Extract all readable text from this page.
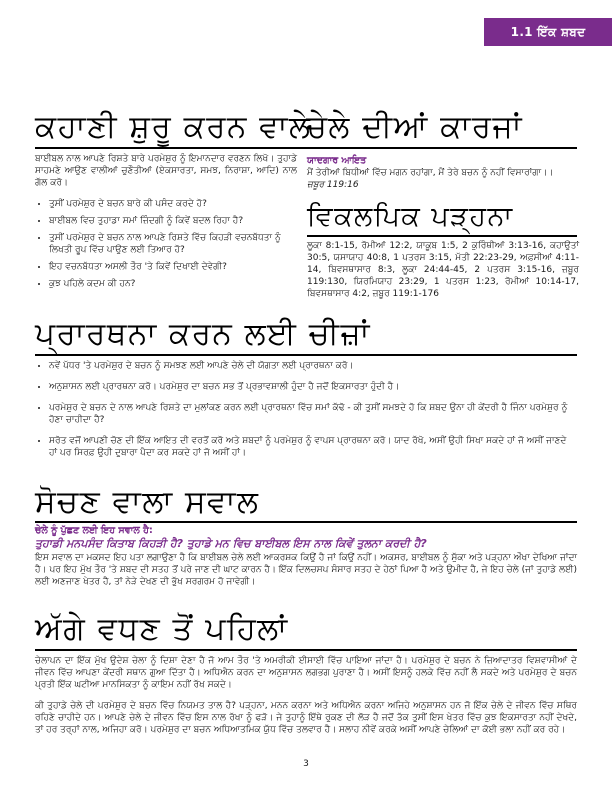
1.1 ਇੱਕ ਸ਼ਬਦ
ਕਹਾਣੀ ਸ਼ੁਰੂ ਕਰਨ ਵਾਲੇ
ਚੇਲੇ ਦੀਆਂ ਕਾਰਜਾਂ

ਬਾਈਬਲ ਨਾਲ ਆਪਣੇ ਰਿਸ਼ਤੇ ਬਾਰੇ ਪਰਮੇਸ਼ੁਰ ਨੂੰ ਇਮਾਨਦਾਰ ਵਰਣਨ ਲਿਖੋ। ਤੁਹਾਡੇ ਸਾਹਮਣੇ ਆਉਣ ਵਾਲੀਆਂ ਚੁਣੌਤੀਆਂ (ਏਕਸਾਰਤਾ, ਸਮਝ, ਨਿਰਾਸ਼ਾ, ਆਦਿ) ਨਾਲ ਗੱਲ ਕਰੋ।

• ਤੁਸੀਂ ਪਰਮੇਸ਼ੁਰ ਦੇ ਬਚਨ ਬਾਰੇ ਕੀ ਪਸੰਦ ਕਰਦੇ ਹੋ?
• ਬਾਈਬਲ ਵਿਚ ਤੁਹਾਡਾ ਸਮਾਂ ਜ਼ਿੰਦਗੀ ਨੂੰ ਕਿਵੇਂ ਬਦਲ ਰਿਹਾ ਹੈ?
• ਤੁਸੀਂ ਪਰਮੇਸ਼ੁਰ ਦੇ ਬਚਨ ਨਾਲ ਆਪਣੇ ਰਿਸ਼ਤੇ ਵਿੱਚ ਕਿਹੜੀ ਵਚਨਬੱਧਤਾ ਨੂੰ ਲਿਖਤੀ ਰੂਪ ਵਿੱਚ ਪਾਉਣ ਲਈ ਤਿਆਰ ਹੋ?
• ਇਹ ਵਚਨਬੱਧਤਾ ਅਸਲੀ ਤੌਰ 'ਤੇ ਕਿਵੇਂ ਦਿਖਾਈ ਦੇਵੇਗੀ?
• ਕੁਝ ਪਹਿਲੇ ਕਦਮ ਕੀ ਹਨ?
ਯਾਦਗਾਰ ਆਇਤ
ਮੈਂ ਤੇਰੀਆਂ ਬਿਧੀਆਂ ਵਿੱਚ ਮਗਨ ਰਹਾਂਗਾ, ਮੈਂ ਤੇਰੇ ਬਚਨ ਨੂੰ ਨਹੀਂ ਵਿਸਾਰਾਂਗਾ।।
ਜ਼ਬੂਰ 119:16
ਵਿਕਲਪਿਕ ਪੜ੍ਹਨਾ
ਲੂਕਾ 8:1-15, ਰੋਮੀਆਂ 12:2, ਯਾਕੂਬ 1:5, 2 ਕੁਰਿੰਥੀਆਂ 3:13-16, ਕਹਾਉਤਾਂ 30:5, ਯਸਾਯਾਹ 40:8, 1 ਪਤਰਸ 3:15, ਮੱਤੀ 22:23-29, ਅਫ਼ਸੀਆਂ 4:11-14, ਬਿਵਸਥਾਸਾਰ 8:3, ਲੂਕਾ 24:44-45, 2 ਪਤਰਸ 3:15-16, ਜ਼ਬੂਰ 119:130, ਯਿਰਮਿਯਾਹ 23:29, 1 ਪਤਰਸ 1:23, ਰੋਮੀਆਂ 10:14-17, ਬਿਵਸਥਾਸਾਰ 4:2, ਜ਼ਬੂਰ 119:1-176
ਪ੍ਰਾਰਥਨਾ ਕਰਨ ਲਈ ਚੀਜ਼ਾਂ
• ਨਵੇਂ ਪੱਧਰ 'ਤੇ ਪਰਮੇਸ਼ੁਰ ਦੇ ਬਚਨ ਨੂੰ ਸਮਝਣ ਲਈ ਆਪਣੇ ਚੇਲੇ ਦੀ ਯੋਗਤਾ ਲਈ ਪ੍ਰਾਰਥਨਾ ਕਰੋ।
• ਅਨੁਸ਼ਾਸਨ ਲਈ ਪ੍ਰਾਰਥਨਾ ਕਰੋ। ਪਰਮੇਸ਼ੁਰ ਦਾ ਬਚਨ ਸਭ ਤੋਂ ਪ੍ਰਭਾਵਸ਼ਾਲੀ ਹੁੰਦਾ ਹੈ ਜਦੋਂ ਇਕਸਾਰਤਾ ਹੁੰਦੀ ਹੈ।
• ਪਰਮੇਸ਼ੁਰ ਦੇ ਬਚਨ ਦੇ ਨਾਲ ਆਪਣੇ ਰਿਸ਼ਤੇ ਦਾ ਮੁਲਾਂਕਣ ਕਰਨ ਲਈ ਪ੍ਰਾਰਥਨਾ ਵਿੱਚ ਸਮਾਂ ਕੱਢੋ - ਕੀ ਤੁਸੀਂ ਸਮਝਦੇ ਹੋ ਕਿ ਸ਼ਬਦ ਉਨਾ ਹੀ ਕੇਂਦਰੀ ਹੈ ਜਿੰਨਾ ਪਰਮੇਸ਼ੁਰ ਨੂੰ ਹੋਣਾ ਚਾਹੀਦਾ ਹੈ?
• ਸਰੋਤ ਵਜੋਂ ਆਪਣੀ ਚੋਣ ਦੀ ਇੱਕ ਆਇਤ ਦੀ ਵਰਤੋਂ ਕਰੋ ਅਤੇ ਸ਼ਬਦਾਂ ਨੂੰ ਪਰਮੇਸ਼ੁਰ ਨੂੰ ਵਾਪਸ ਪ੍ਰਾਰਥਨਾ ਕਰੋ। ਯਾਦ ਰੱਖੋ, ਅਸੀਂ ਉਹੀ ਸਿਖਾ ਸਕਦੇ ਹਾਂ ਜੋ ਅਸੀਂ ਜਾਣਦੇ ਹਾਂ ਪਰ ਸਿਰਫ਼ ਉਹੀ ਦੁਬਾਰਾ ਪੈਦਾ ਕਰ ਸਕਦੇ ਹਾਂ ਜੋ ਅਸੀਂ ਹਾਂ।
ਸੋਚਣ ਵਾਲਾ ਸਵਾਲ
ਚੇਲੇ ਨੂੰ ਪੁੱਛਣ ਲਈ ਇਹ ਸਵਾਲ ਹੈ:
ਤੁਹਾਡੀ ਮਨਪਸੰਦ ਕਿਤਾਬ ਕਿਹੜੀ ਹੈ? ਤੁਹਾਡੇ ਮਨ ਵਿਚ ਬਾਈਬਲ ਇਸ ਨਾਲ ਕਿਵੇਂ ਤੁਲਨਾ ਕਰਦੀ ਹੈ?
ਇਸ ਸਵਾਲ ਦਾ ਮਕਸਦ ਇਹ ਪਤਾ ਲਗਾਉਣਾ ਹੈ ਕਿ ਬਾਈਬਲ ਚੇਲੇ ਲਈ ਆਕਰਸ਼ਕ ਕਿਉਂ ਹੈ ਜਾਂ ਕਿਉਂ ਨਹੀਂ। ਅਕਸਰ, ਬਾਈਬਲ ਨੂੰ ਸੁੱਕਾ ਅਤੇ ਪੜ੍ਹਨਾ ਔਖਾ ਦੇਖਿਆ ਜਾਂਦਾ ਹੈ। ਪਰ ਇਹ ਮੁੱਖ ਤੌਰ 'ਤੇ ਸ਼ਬਦ ਦੀ ਸਤਹ ਤੋਂ ਪਰੇ ਜਾਣ ਦੀ ਘਾਟ ਕਾਰਨ ਹੈ। ਇੱਕ ਦਿਲਚਸਪ ਸੰਸਾਰ ਸਤਹ ਦੇ ਹੇਠਾਂ ਪਿਆ ਹੈ ਅਤੇ ਉਮੀਦ ਹੈ, ਜੇ ਇਹ ਚੇਲੇ (ਜਾਂ ਤੁਹਾਡੇ ਲਈ) ਲਈ ਅਣਜਾਣ ਖੇਤਰ ਹੈ, ਤਾਂ ਨੇੜੇ ਦੇਖਣ ਦੀ ਭੁੱਖ ਸਰਗਰਮ ਹੋ ਜਾਵੇਗੀ।
ਅੱਗੇ ਵਧਣ ਤੋਂ ਪਹਿਲਾਂ

ਚੇਲਾਪਨ ਦਾ ਇੱਕ ਮੁੱਖ ਉਦੇਸ਼ ਚੇਲਾ ਨੂੰ ਦਿਸ਼ਾ ਦੇਣਾ ਹੈ ਜੋ ਆਮ ਤੌਰ 'ਤੇ ਅਮਰੀਕੀ ਈਸਾਈ ਵਿੱਚ ਪਾਇਆ ਜਾਂਦਾ ਹੈ। ਪਰਮੇਸ਼ੁਰ ਦੇ ਬਚਨ ਨੇ ਜ਼ਿਆਦਾਤਰ ਵਿਸ਼ਵਾਸੀਆਂ ਦੇ ਜੀਵਨ ਵਿੱਚ ਆਪਣਾ ਕੇਂਦਰੀ ਸਥਾਨ ਗੁਆ ਦਿੱਤਾ ਹੈ। ਅਧਿਐਨ ਕਰਨ ਦਾ ਅਨੁਸ਼ਾਸਨ ਲਗਭਗ ਪੁਰਾਣਾ ਹੈ। ਅਸੀਂ ਇਸਨੂੰ ਹਲਕੇ ਵਿੱਚ ਨਹੀਂ ਲੈ ਸਕਦੇ ਅਤੇ ਪਰਮੇਸ਼ੁਰ ਦੇ ਬਚਨ ਪ੍ਰਤੀ ਇੱਕ ਘਟੀਆ ਮਾਨਸਿਕਤਾ ਨੂੰ ਕਾਇਮ ਨਹੀਂ ਰੱਖ ਸਕਦੇ।

ਕੀ ਤੁਹਾਡੇ ਚੇਲੇ ਦੀ ਪਰਮੇਸ਼ੁਰ ਦੇ ਬਚਨ ਵਿੱਚ ਨਿਯਮਤ ਤਾਲ ਹੈ? ਪੜ੍ਹਨਾ, ਮਨਨ ਕਰਨਾ ਅਤੇ ਅਧਿਐਨ ਕਰਨਾ ਅਜਿਹੇ ਅਨੁਸ਼ਾਸਨ ਹਨ ਜੋ ਇੱਕ ਚੇਲੇ ਦੇ ਜੀਵਨ ਵਿੱਚ ਸਥਿਰ ਰਹਿਣੇ ਚਾਹੀਦੇ ਹਨ। ਆਪਣੇ ਚੇਲੇ ਦੇ ਜੀਵਨ ਵਿੱਚ ਇਸ ਨਾਲ ਰੱਖਾ ਨੂੰ ਫੜੋ। ਜੇ ਤੁਹਾਨੂੰ ਇੱਥੇ ਰੁਕਣ ਦੀ ਲੋੜ ਹੈ ਜਦੋਂ ਤੱਕ ਤੁਸੀਂ ਇਸ ਖੇਤਰ ਵਿੱਚ ਕੁਝ ਇਕਸਾਰਤਾ ਨਹੀਂ ਦੇਖਦੇ, ਤਾਂ ਹਰ ਤਰ੍ਹਾਂ ਨਾਲ, ਅਜਿਹਾ ਕਰੋ। ਪਰਮੇਸ਼ੁਰ ਦਾ ਬਚਨ ਅਧਿਆਤਮਿਕ ਯੁੱਧ ਵਿੱਚ ਤਲਵਾਰ ਹੈ। ਸਲਾਹ ਨੀਵੇਂ ਕਰਕੇ ਅਸੀਂ ਆਪਣੇ ਚੇਲਿਆਂ ਦਾ ਕੋਈ ਭਲਾ ਨਹੀਂ ਕਰ ਰਹੇ।

3
